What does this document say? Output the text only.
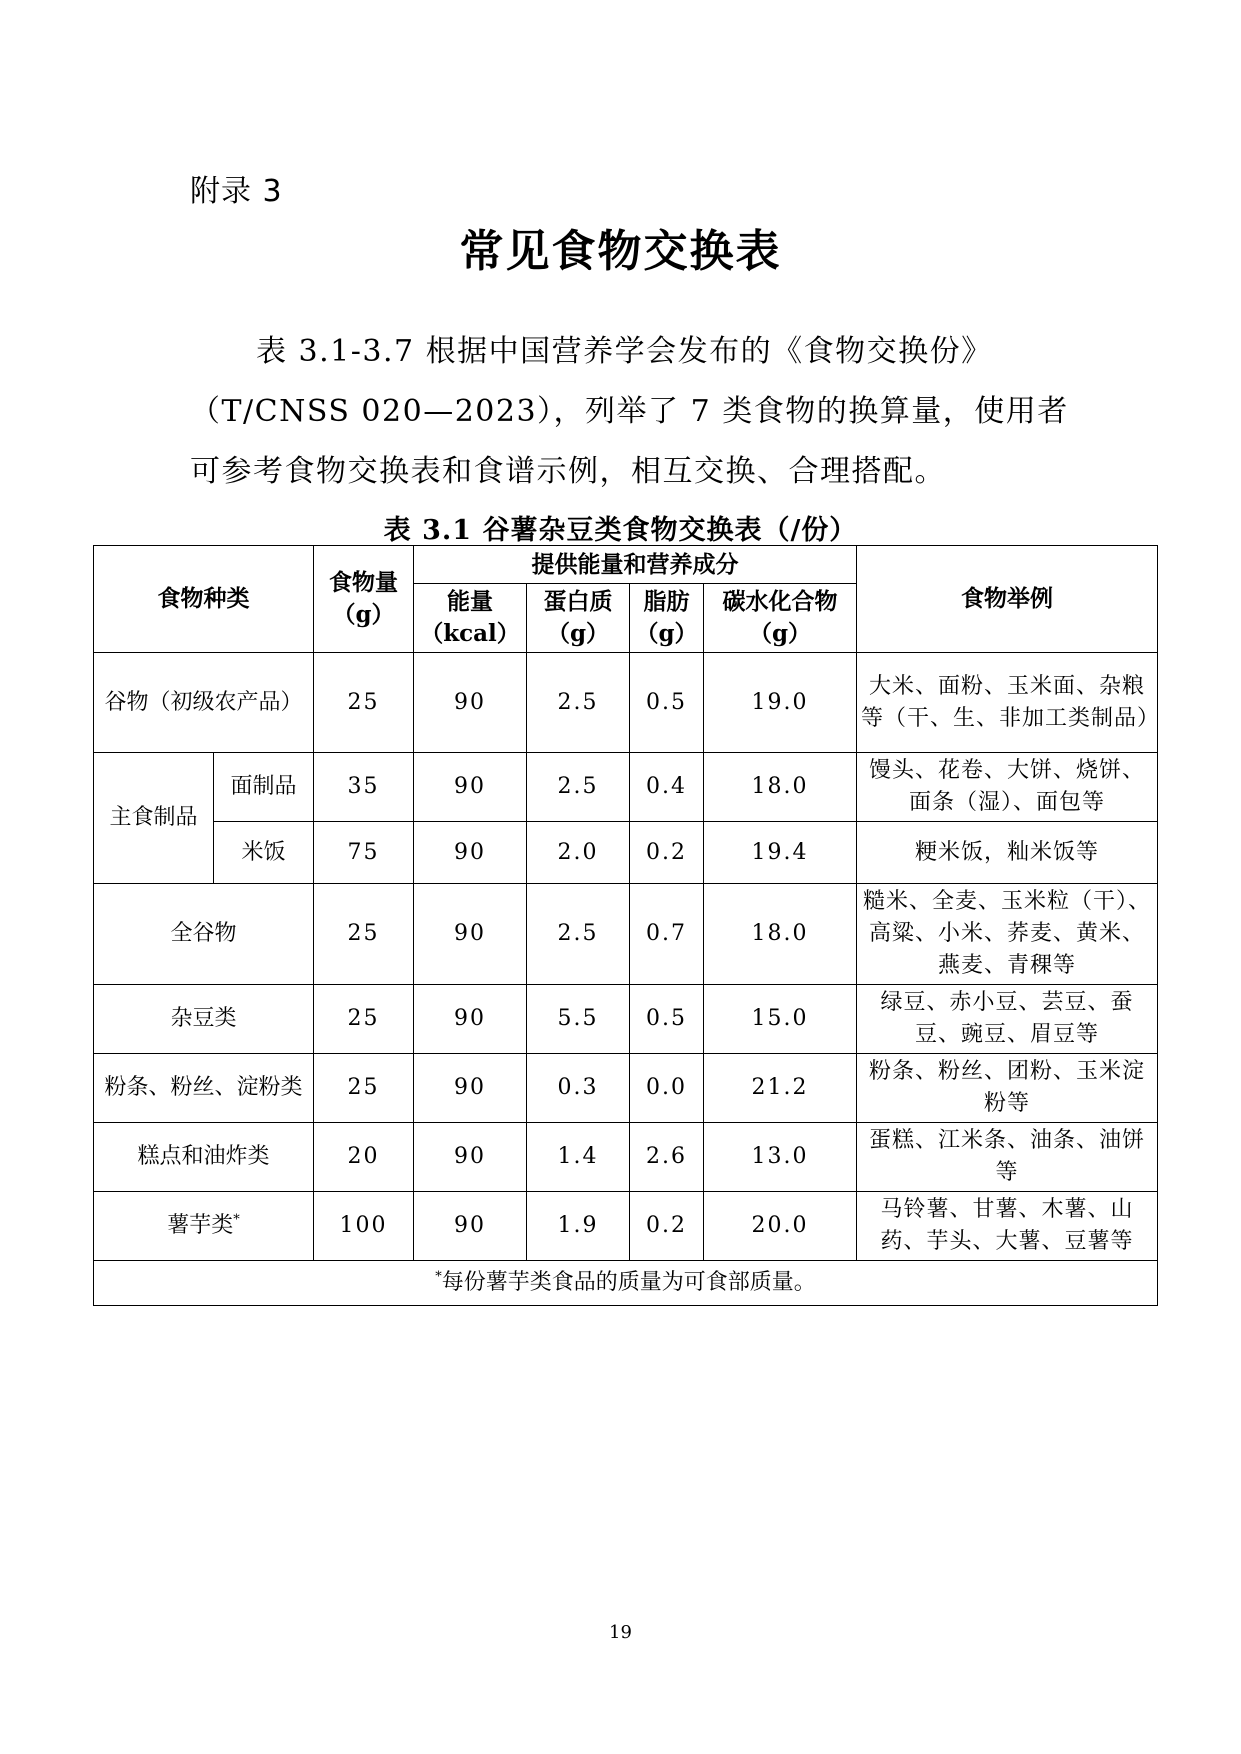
附录 3
常见食物交换表

表 3.1-3.7 根据中国营养学会发布的《食物交换份》

（T/CNSS 020—2023），列举了 7 类食物的换算量，使用者

可参考食物交换表和食谱示例，相互交换、合理搭配。

表 3.1 谷薯杂豆类食物交换表（/份）
食物种类		食物量（g）	提供能量和营养成分				食物举例
			能量（kcal）	蛋白质（g）	脂肪（g）	碳水化合物（g）	
谷物（初级农产品）		25	90	2.5	0.5	19.0	大米、面粉、玉米面、杂粮等（干、生、非加工类制品）
主食制品	面制品	35	90	2.5	0.4	18.0	馒头、花卷、大饼、烧饼、面条（湿）、面包等
	米饭	75	90	2.0	0.2	19.4	粳米饭，籼米饭等
全谷物		25	90	2.5	0.7	18.0	糙米、全麦、玉米粒（干）、高粱、小米、荞麦、黄米、燕麦、青稞等
杂豆类		25	90	5.5	0.5	15.0	绿豆、赤小豆、芸豆、蚕豆、豌豆、眉豆等
粉条、粉丝、淀粉类		25	90	0.3	0.0	21.2	粉条、粉丝、团粉、玉米淀粉等
糕点和油炸类		20	90	1.4	2.6	13.0	蛋糕、江米条、油条、油饼等
薯芋类*		100	90	1.9	0.2	20.0	马铃薯、甘薯、木薯、山药、芋头、大薯、豆薯等
*每份薯芋类食品的质量为可食部质量。							
19
